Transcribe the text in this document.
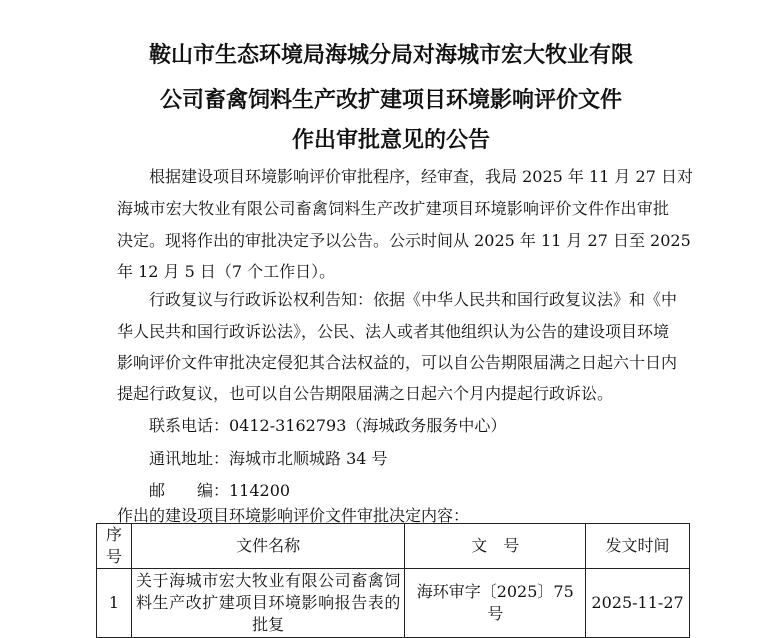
鞍山市生态环境局海城分局对海城市宏大牧业有限
公司畜禽饲料生产改扩建项目环境影响评价文件
作出审批意见的公告
根据建设项目环境影响评价审批程序，经审查，我局 2025 年 11 月 27 日对
海城市宏大牧业有限公司畜禽饲料生产改扩建项目环境影响评价文件作出审批
决定。现将作出的审批决定予以公告。公示时间从 2025 年 11 月 27 日至 2025
年 12 月 5 日（7 个工作日）。
行政复议与行政诉讼权利告知：依据《中华人民共和国行政复议法》和《中
华人民共和国行政诉讼法》，公民、法人或者其他组织认为公告的建设项目环境
影响评价文件审批决定侵犯其合法权益的，可以自公告期限届满之日起六十日内
提起行政复议，也可以自公告期限届满之日起六个月内提起行政诉讼。
联系电话：0412-3162793（海城政务服务中心）
通讯地址：海城市北顺城路 34 号
邮　　编：114200
作出的建设项目环境影响评价文件审批决定内容：
序号	文件名称	文　号	发文时间
1	关于海城市宏大牧业有限公司畜禽饲料生产改扩建项目环境影响报告表的批复	海环审字〔2025〕75 号	2025-11-27
